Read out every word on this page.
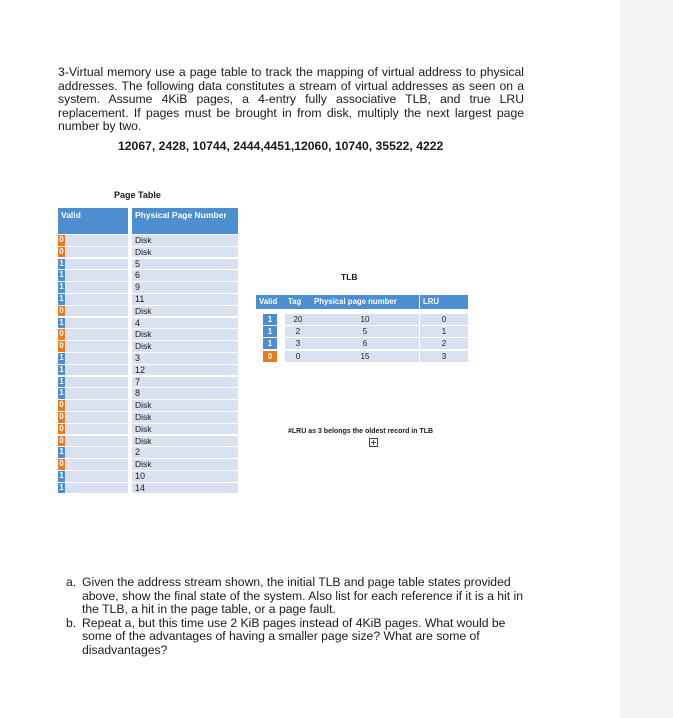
3-Virtual memory use a page table to track the mapping of virtual address to physical addresses. The following data constitutes a stream of virtual addresses as seen on a system. Assume 4KiB pages, a 4-entry fully associative TLB, and true LRU replacement. If pages must be brought in from disk, multiply the next largest page number by two.
12067, 2428, 10744, 2444,4451,12060, 10740, 35522, 4222
Page Table
Valid	Physical Page Number
0	Disk
0	Disk
1	5
1	6
1	9
1	11
0	Disk
1	4
0	Disk
0	Disk
1	3
1	12
1	7
1	8
0	Disk
0	Disk
0	Disk
0	Disk
1	2
0	Disk
1	10
1	14
TLB
Valid	Tag	Physical page number	LRU
1	20	10	0
1	2	5	1
1	3	6	2
0	0	15	3
#LRU as 3 belongs the oldest record in TLB
a. Given the address stream shown, the initial TLB and page table states provided above, show the final state of the system. Also list for each reference if it is a hit in the TLB, a hit in the page table, or a page fault.
b. Repeat a, but this time use 2 KiB pages instead of 4KiB pages. What would be some of the advantages of having a smaller page size? What are some of disadvantages?
